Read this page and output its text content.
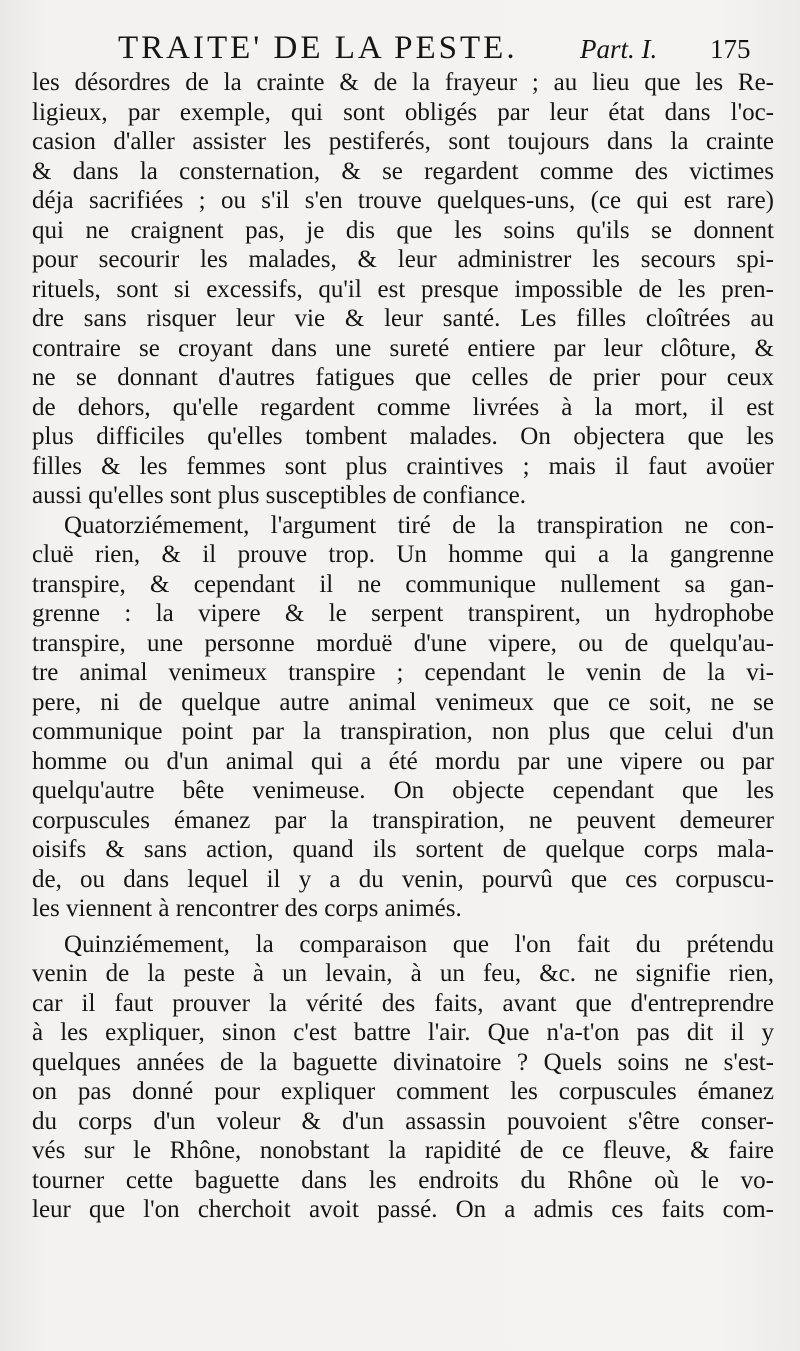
TRAITE' DE LA PESTE. Part. I. 175
les désordres de la crainte & de la frayeur ; au lieu que les Re-
ligieux, par exemple, qui sont obligés par leur état dans l'oc-
casion d'aller assister les pestiferés, sont toujours dans la crainte
& dans la consternation, & se regardent comme des victimes
déja sacrifiées ; ou s'il s'en trouve quelques-uns, (ce qui est rare)
qui ne craignent pas, je dis que les soins qu'ils se donnent
pour secourir les malades, & leur administrer les secours spi-
rituels, sont si excessifs, qu'il est presque impossible de les pren-
dre sans risquer leur vie & leur santé. Les filles cloîtrées au
contraire se croyant dans une sureté entiere par leur clôture, &
ne se donnant d'autres fatigues que celles de prier pour ceux
de dehors, qu'elle regardent comme livrées à la mort, il est
plus difficiles qu'elles tombent malades. On objectera que les
filles & les femmes sont plus craintives ; mais il faut avoüer
aussi qu'elles sont plus susceptibles de confiance.
Quatorziémement, l'argument tiré de la transpiration ne con-
cluë rien, & il prouve trop. Un homme qui a la gangrenne
transpire, & cependant il ne communique nullement sa gan-
grenne : la vipere & le serpent transpirent, un hydrophobe
transpire, une personne morduë d'une vipere, ou de quelqu'au-
tre animal venimeux transpire ; cependant le venin de la vi-
pere, ni de quelque autre animal venimeux que ce soit, ne se
communique point par la transpiration, non plus que celui d'un
homme ou d'un animal qui a été mordu par une vipere ou par
quelqu'autre bête venimeuse. On objecte cependant que les
corpuscules émanez par la transpiration, ne peuvent demeurer
oisifs & sans action, quand ils sortent de quelque corps mala-
de, ou dans lequel il y a du venin, pourvû que ces corpuscu-
les viennent à rencontrer des corps animés.
Quinziémement, la comparaison que l'on fait du prétendu
venin de la peste à un levain, à un feu, &c. ne signifie rien,
car il faut prouver la vérité des faits, avant que d'entreprendre
à les expliquer, sinon c'est battre l'air. Que n'a-t'on pas dit il y
quelques années de la baguette divinatoire ? Quels soins ne s'est-
on pas donné pour expliquer comment les corpuscules émanez
du corps d'un voleur & d'un assassin pouvoient s'être conser-
vés sur le Rhône, nonobstant la rapidité de ce fleuve, & faire
tourner cette baguette dans les endroits du Rhône où le vo-
leur que l'on cherchoit avoit passé. On a admis ces faits com-
